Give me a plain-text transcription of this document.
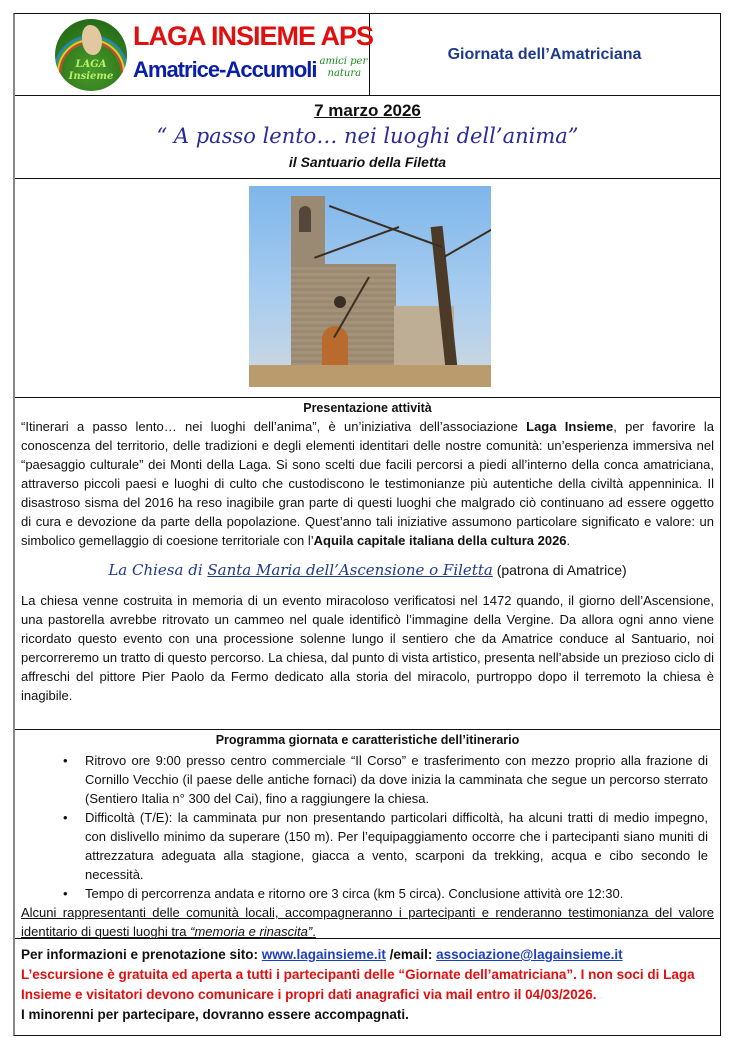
LAGA
Insieme
LAGA INSIEME APS
Amatrice-Accumoli amici per
natura
Giornata dell’Amatriciana
7 marzo 2026
“ A passo lento… nei luoghi dell’anima”
il Santuario della Filetta
Presentazione attività

“Itinerari a passo lento… nei luoghi dell’anima”, è un’iniziativa dell’associazione Laga Insieme, per favorire la conoscenza del territorio, delle tradizioni e degli elementi identitari delle nostre comunità: un’esperienza immersiva nel “paesaggio culturale” dei Monti della Laga. Si sono scelti due facili percorsi a piedi all’interno della conca amatriciana, attraverso piccoli paesi e luoghi di culto che custodiscono le testimonianze più autentiche della civiltà appenninica. Il disastroso sisma del 2016 ha reso inagibile gran parte di questi luoghi che malgrado ciò continuano ad essere oggetto di cura e devozione da parte della popolazione. Quest’anno tali iniziative assumono particolare significato e valore: un simbolico gemellaggio di coesione territoriale con l’Aquila capitale italiana della cultura 2026.

La Chiesa di Santa Maria dell’Ascensione o Filetta (patrona di Amatrice)

La chiesa venne costruita in memoria di un evento miracoloso verificatosi nel 1472 quando, il giorno dell’Ascensione, una pastorella avrebbe ritrovato un cammeo nel quale identificò l’immagine della Vergine. Da allora ogni anno viene ricordato questo evento con una processione solenne lungo il sentiero che da Amatrice conduce al Santuario, noi percorreremo un tratto di questo percorso. La chiesa, dal punto di vista artistico, presenta nell’abside un prezioso ciclo di affreschi del pittore Pier Paolo da Fermo dedicato alla storia del miracolo, purtroppo dopo il terremoto la chiesa è inagibile.

Programma giornata e caratteristiche dell’itinerario
• Ritrovo ore 9:00 presso centro commerciale “Il Corso” e trasferimento con mezzo proprio alla frazione di Cornillo Vecchio (il paese delle antiche fornaci) da dove inizia la camminata che segue un percorso sterrato (Sentiero Italia n° 300 del Cai), fino a raggiungere la chiesa.
• Difficoltà (T/E): la camminata pur non presentando particolari difficoltà, ha alcuni tratti di medio impegno, con dislivello minimo da superare (150 m). Per l’equipaggiamento occorre che i partecipanti siano muniti di attrezzatura adeguata alla stagione, giacca a vento, scarponi da trekking, acqua e cibo secondo le necessità.
• Tempo di percorrenza andata e ritorno ore 3 circa (km 5 circa). Conclusione attività ore 12:30.

Alcuni rappresentanti delle comunità locali, accompagneranno i partecipanti e renderanno testimonianza del valore identitario di questi luoghi tra “memoria e rinascita”.

Per informazioni e prenotazione sito: www.lagainsieme.it /email: associazione@lagainsieme.it

L’escursione è gratuita ed aperta a tutti i partecipanti delle “Giornate dell’amatriciana”. I non soci di Laga Insieme e visitatori devono comunicare i propri dati anagrafici via mail entro il 04/03/2026.

I minorenni per partecipare, dovranno essere accompagnati.
